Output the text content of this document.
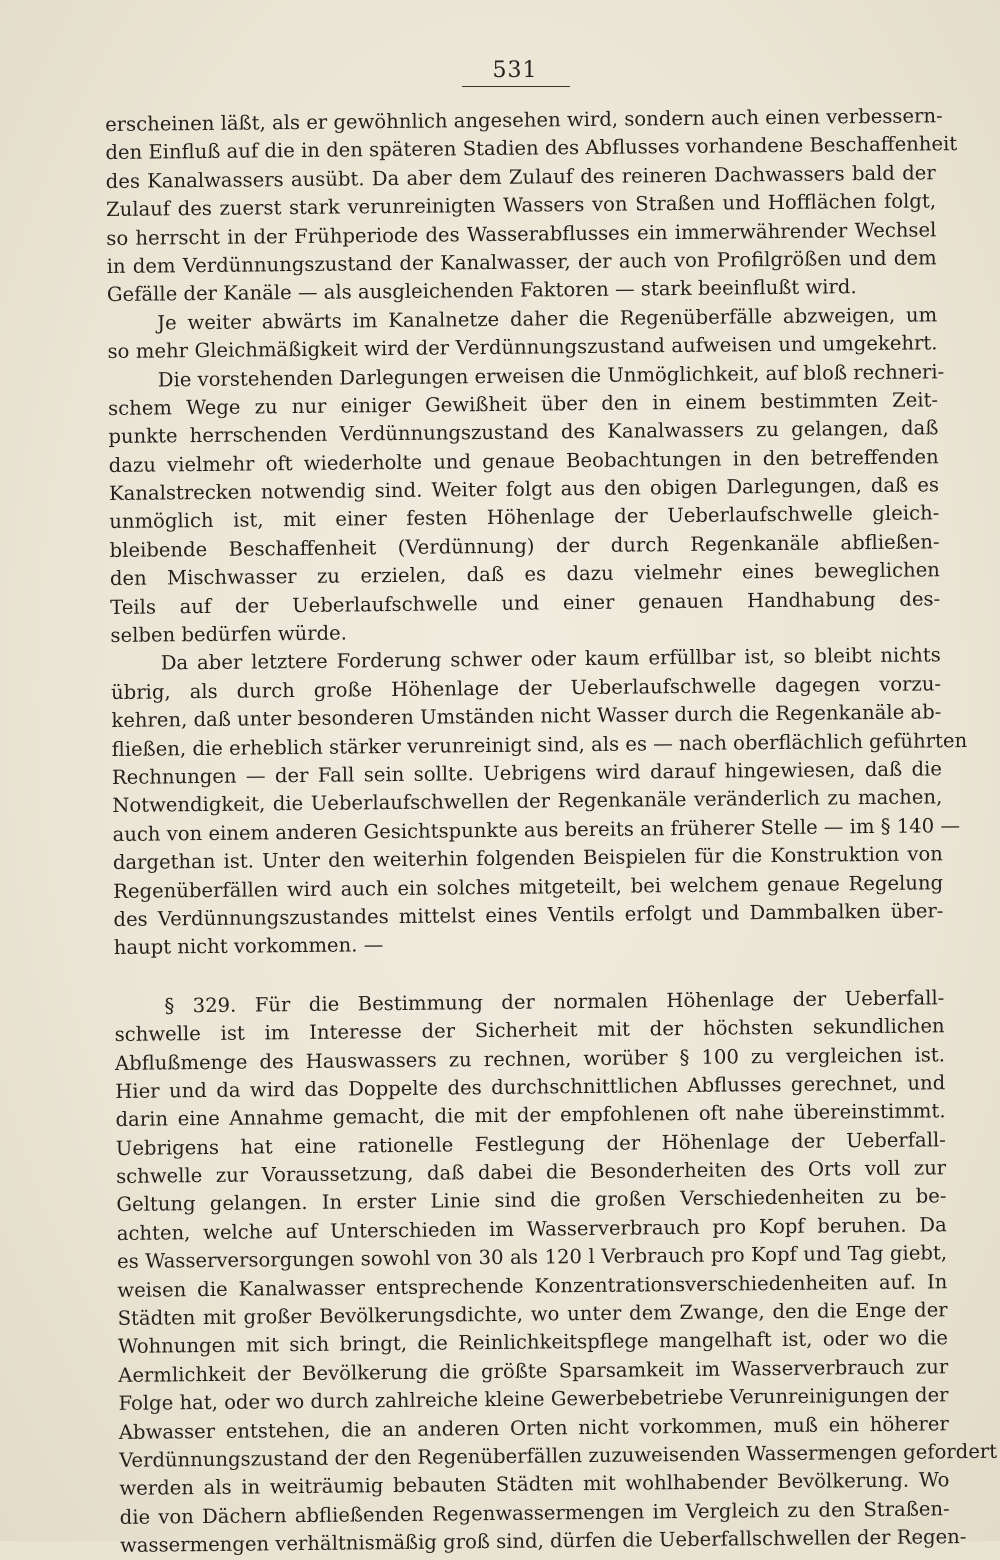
531
erscheinen läßt, als er gewöhnlich angesehen wird, sondern auch einen verbessern-
den Einfluß auf die in den späteren Stadien des Abflusses vorhandene Beschaffenheit
des Kanalwassers ausübt. Da aber dem Zulauf des reineren Dachwassers bald der
Zulauf des zuerst stark verunreinigten Wassers von Straßen und Hofflächen folgt,
so herrscht in der Frühperiode des Wasserabflusses ein immerwährender Wechsel
in dem Verdünnungszustand der Kanalwasser, der auch von Profilgrößen und dem
Gefälle der Kanäle — als ausgleichenden Faktoren — stark beeinflußt wird.
Je weiter abwärts im Kanalnetze daher die Regenüberfälle abzweigen, um
so mehr Gleichmäßigkeit wird der Verdünnungszustand aufweisen und umgekehrt.
Die vorstehenden Darlegungen erweisen die Unmöglichkeit, auf bloß rechneri-
schem Wege zu nur einiger Gewißheit über den in einem bestimmten Zeit-
punkte herrschenden Verdünnungszustand des Kanalwassers zu gelangen, daß
dazu vielmehr oft wiederholte und genaue Beobachtungen in den betreffenden
Kanalstrecken notwendig sind. Weiter folgt aus den obigen Darlegungen, daß es
unmöglich ist, mit einer festen Höhenlage der Ueberlaufschwelle gleich-
bleibende Beschaffenheit (Verdünnung) der durch Regenkanäle abfließen-
den Mischwasser zu erzielen, daß es dazu vielmehr eines beweglichen
Teils auf der Ueberlaufschwelle und einer genauen Handhabung des-
selben bedürfen würde.
Da aber letztere Forderung schwer oder kaum erfüllbar ist, so bleibt nichts
übrig, als durch große Höhenlage der Ueberlaufschwelle dagegen vorzu-
kehren, daß unter besonderen Umständen nicht Wasser durch die Regenkanäle ab-
fließen, die erheblich stärker verunreinigt sind, als es — nach oberflächlich geführten
Rechnungen — der Fall sein sollte. Uebrigens wird darauf hingewiesen, daß die
Notwendigkeit, die Ueberlaufschwellen der Regenkanäle veränderlich zu machen,
auch von einem anderen Gesichtspunkte aus bereits an früherer Stelle — im § 140 —
dargethan ist. Unter den weiterhin folgenden Beispielen für die Konstruktion von
Regenüberfällen wird auch ein solches mitgeteilt, bei welchem genaue Regelung
des Verdünnungszustandes mittelst eines Ventils erfolgt und Dammbalken über-
haupt nicht vorkommen. —
§ 329. Für die Bestimmung der normalen Höhenlage der Ueberfall-
schwelle ist im Interesse der Sicherheit mit der höchsten sekundlichen
Abflußmenge des Hauswassers zu rechnen, worüber § 100 zu vergleichen ist.
Hier und da wird das Doppelte des durchschnittlichen Abflusses gerechnet, und
darin eine Annahme gemacht, die mit der empfohlenen oft nahe übereinstimmt.
Uebrigens hat eine rationelle Festlegung der Höhenlage der Ueberfall-
schwelle zur Voraussetzung, daß dabei die Besonderheiten des Orts voll zur
Geltung gelangen. In erster Linie sind die großen Verschiedenheiten zu be-
achten, welche auf Unterschieden im Wasserverbrauch pro Kopf beruhen. Da
es Wasserversorgungen sowohl von 30 als 120 l Verbrauch pro Kopf und Tag giebt,
weisen die Kanalwasser entsprechende Konzentrationsverschiedenheiten auf. In
Städten mit großer Bevölkerungsdichte, wo unter dem Zwange, den die Enge der
Wohnungen mit sich bringt, die Reinlichkeitspflege mangelhaft ist, oder wo die
Aermlichkeit der Bevölkerung die größte Sparsamkeit im Wasserverbrauch zur
Folge hat, oder wo durch zahlreiche kleine Gewerbebetriebe Verunreinigungen der
Abwasser entstehen, die an anderen Orten nicht vorkommen, muß ein höherer
Verdünnungszustand der den Regenüberfällen zuzuweisenden Wassermengen gefordert
werden als in weiträumig bebauten Städten mit wohlhabender Bevölkerung. Wo
die von Dächern abfließenden Regenwassermengen im Vergleich zu den Straßen-
wassermengen verhältnismäßig groß sind, dürfen die Ueberfallschwellen der Regen-
